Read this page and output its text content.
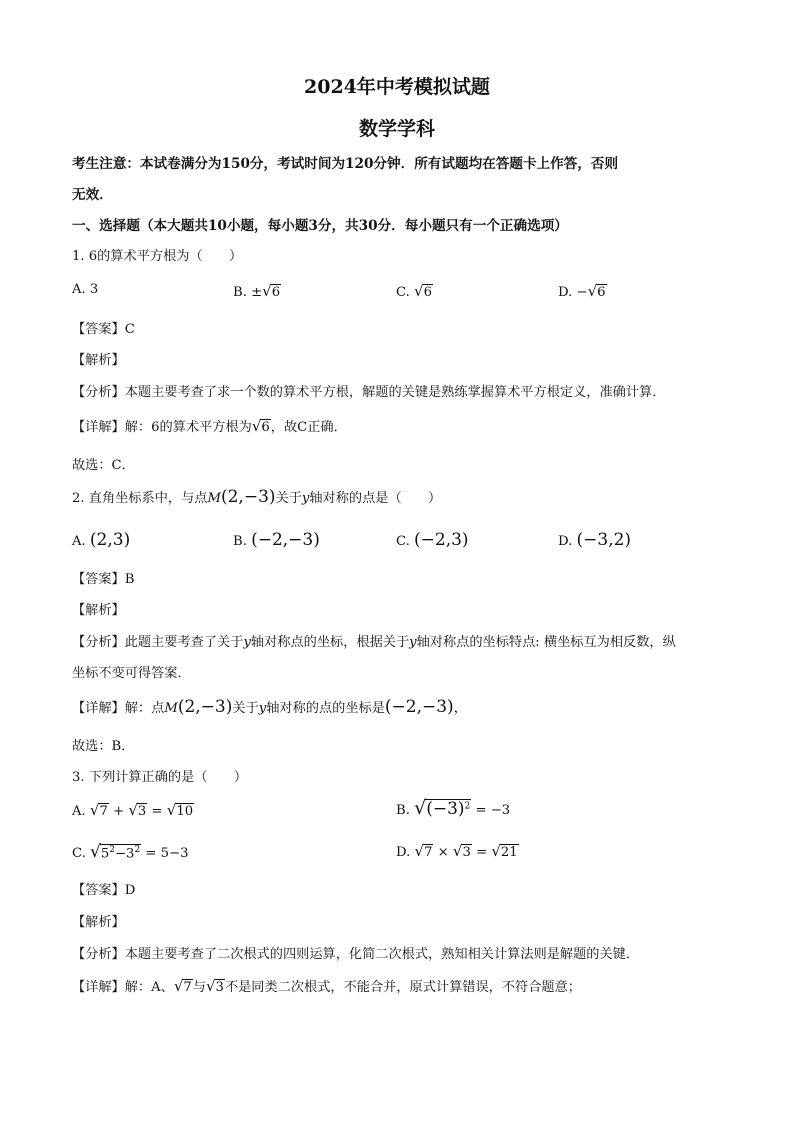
2024年中考模拟试题
数学学科
考生注意：本试卷满分为150分，考试时间为120分钟．所有试题均在答题卡上作答，否则
无效．
一、选择题（本大题共10小题，每小题3分，共30分．每小题只有一个正确选项）
1. 6的算术平方根为（　　）
A. 3	B. ±√6	C. √6	D. −√6
【答案】C
【解析】
【分析】本题主要考查了求一个数的算术平方根，解题的关键是熟练掌握算术平方根定义，准确计算．
【详解】解：6的算术平方根为√6，故C正确．
故选：C．
2. 直角坐标系中，与点M(2,−3)关于y轴对称的点是（　　）
A. (2,3)	B. (−2,−3)	C. (−2,3)	D. (−3,2)
【答案】B
【解析】
【分析】此题主要考查了关于y轴对称点的坐标，根据关于y轴对称点的坐标特点: 横坐标互为相反数，纵
坐标不变可得答案．
【详解】解：点M(2,−3)关于y轴对称的点的坐标是(−2,−3)，
故选：B．
3. 下列计算正确的是（　　）
A. √7 + √3 = √10	B. $√(-3)^2 = -3$
C. $√5^2-3^2 = 5-3$	D. √7 × √3 = √21
【答案】D
【解析】
【分析】本题主要考查了二次根式的四则运算，化简二次根式，熟知相关计算法则是解题的关键．
【详解】解：A、√7与√3不是同类二次根式，不能合并，原式计算错误，不符合题意；
